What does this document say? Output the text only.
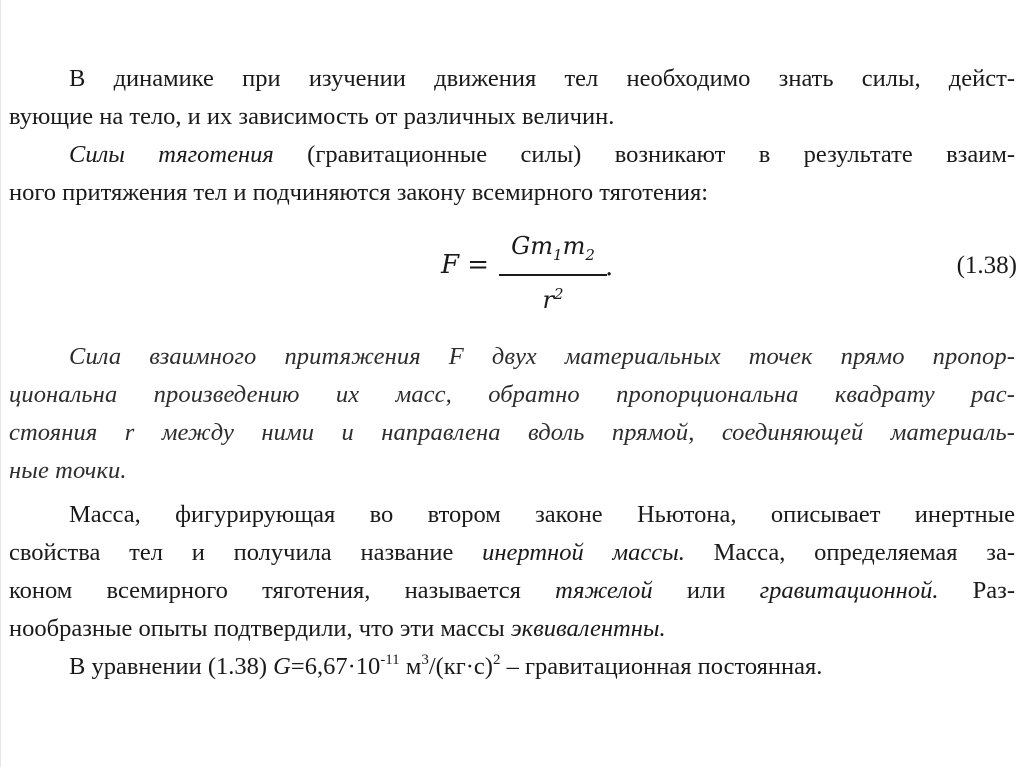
В динамике при изучении движения тел необходимо знать силы, дейст-
вующие на тело, и их зависимость от различных величин.
Силы тяготения (гравитационные силы) возникают в результате взаим-
ного притяжения тел и подчиняются закону всемирного тяготения:
F =
$Gm_1m_2$
$r^2$
.	(1.38)
Сила взаимного притяжения F двух материальных точек прямо пропор-
циональна произведению их масс, обратно пропорциональна квадрату рас-
стояния r между ними и направлена вдоль прямой, соединяющей материаль-
ные точки.
Масса, фигурирующая во втором законе Ньютона, описывает инертные
свойства тел и получила название инертной массы. Масса, определяемая за-
коном всемирного тяготения, называется тяжелой или гравитационной. Раз-
нообразные опыты подтвердили, что эти массы эквивалентны.
В уравнении (1.38) $G=6,67\cdot 10^{-11}$ $м^3/(кг\cdot с)^2$ – гравитационная постоянная.
